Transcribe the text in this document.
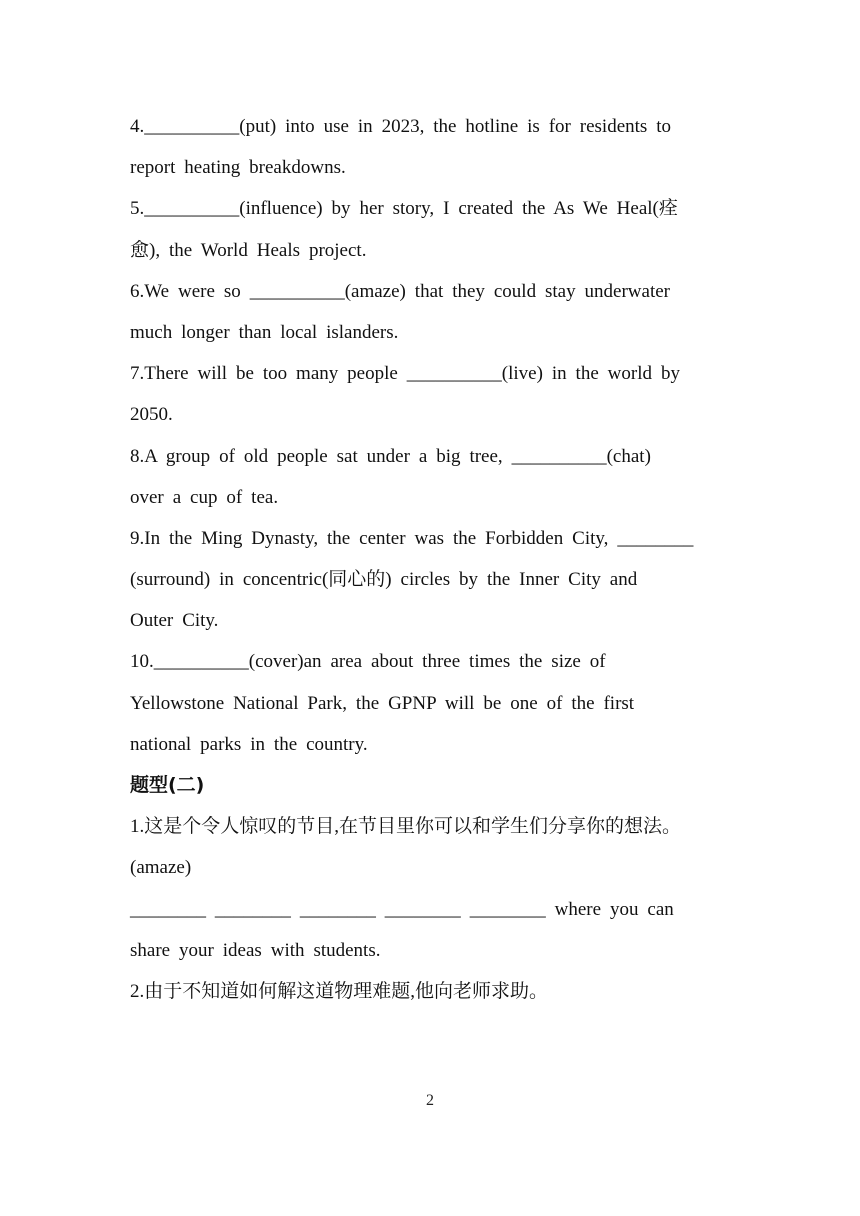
4.__________(put) into use in 2023, the hotline is for residents to
report heating breakdowns.
5.__________(influence) by her story, I created the As We Heal(痊
愈), the World Heals project.
6.We were so __________(amaze) that they could stay underwater
much longer than local islanders.
7.There will be too many people __________(live) in the world by
2050.
8.A group of old people sat under a big tree, __________(chat)
over a cup of tea.
9.In the Ming Dynasty, the center was the Forbidden City, ________
(surround) in concentric(同心的) circles by the Inner City and
Outer City.
10.__________(cover)an area about three times the size of
Yellowstone National Park, the GPNP will be one of the first
national parks in the country.
题型(二)
1.这是个令人惊叹的节目,在节目里你可以和学生们分享你的想法。
(amaze)
________ ________ ________ ________ ________ where you can
share your ideas with students.
2.由于不知道如何解这道物理难题,他向老师求助。
2
